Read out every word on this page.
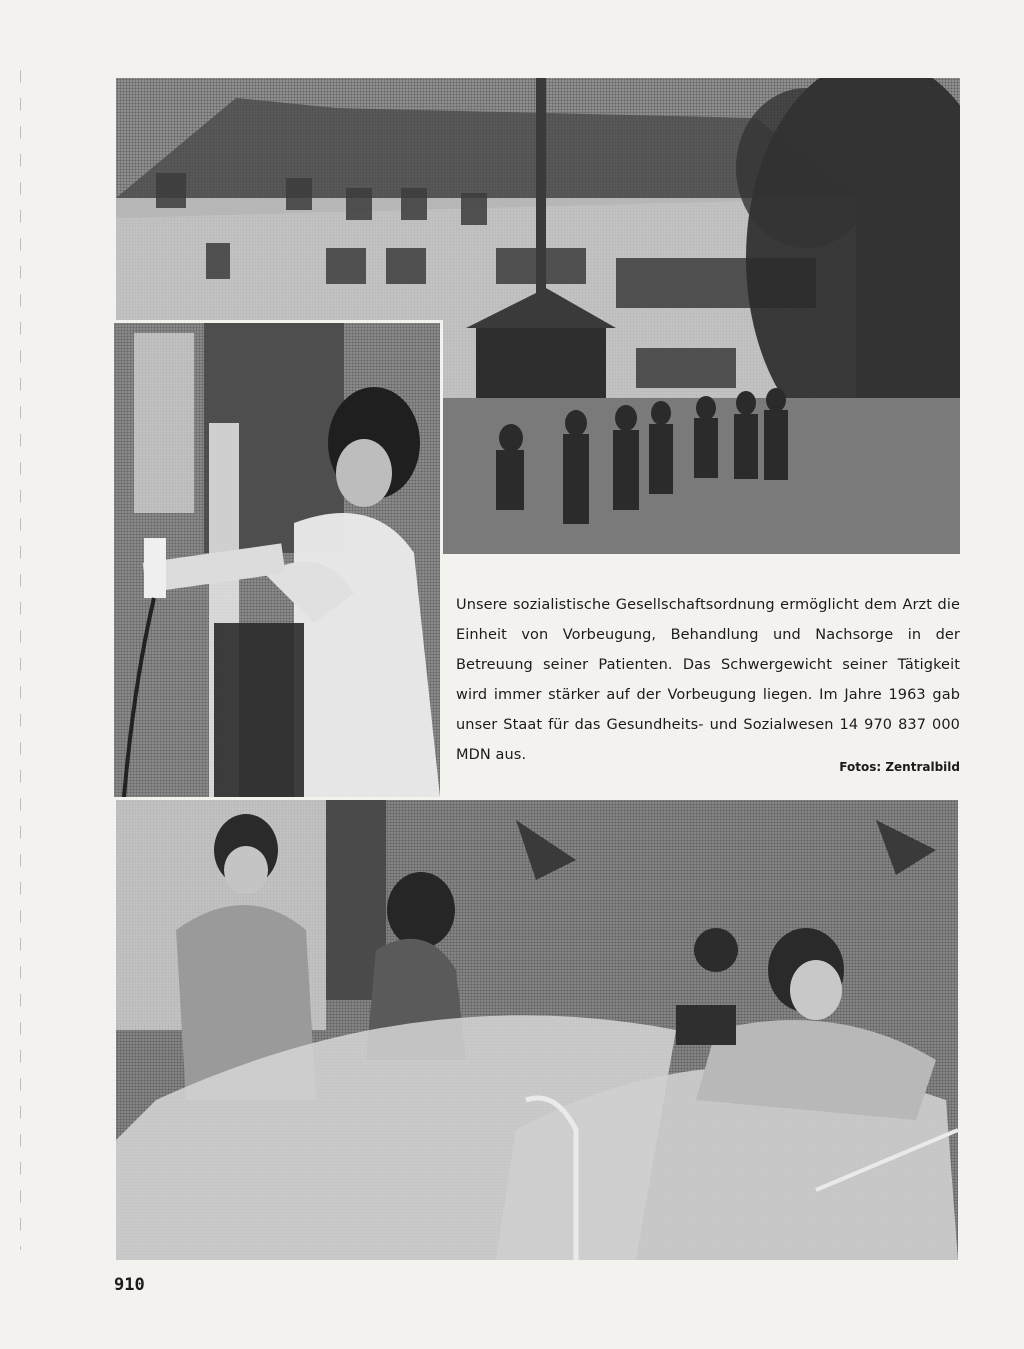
Unsere sozialistische Gesellschaftsordnung ermöglicht dem Arzt die Einheit von Vorbeugung, Behandlung und Nachsorge in der Betreuung seiner Patienten. Das Schwergewicht seiner Tätigkeit wird immer stärker auf der Vorbeugung liegen. Im Jahre 1963 gab unser Staat für das Gesundheits- und Sozialwesen 14 970 837 000 MDN aus.
Fotos: Zentralbild
910
